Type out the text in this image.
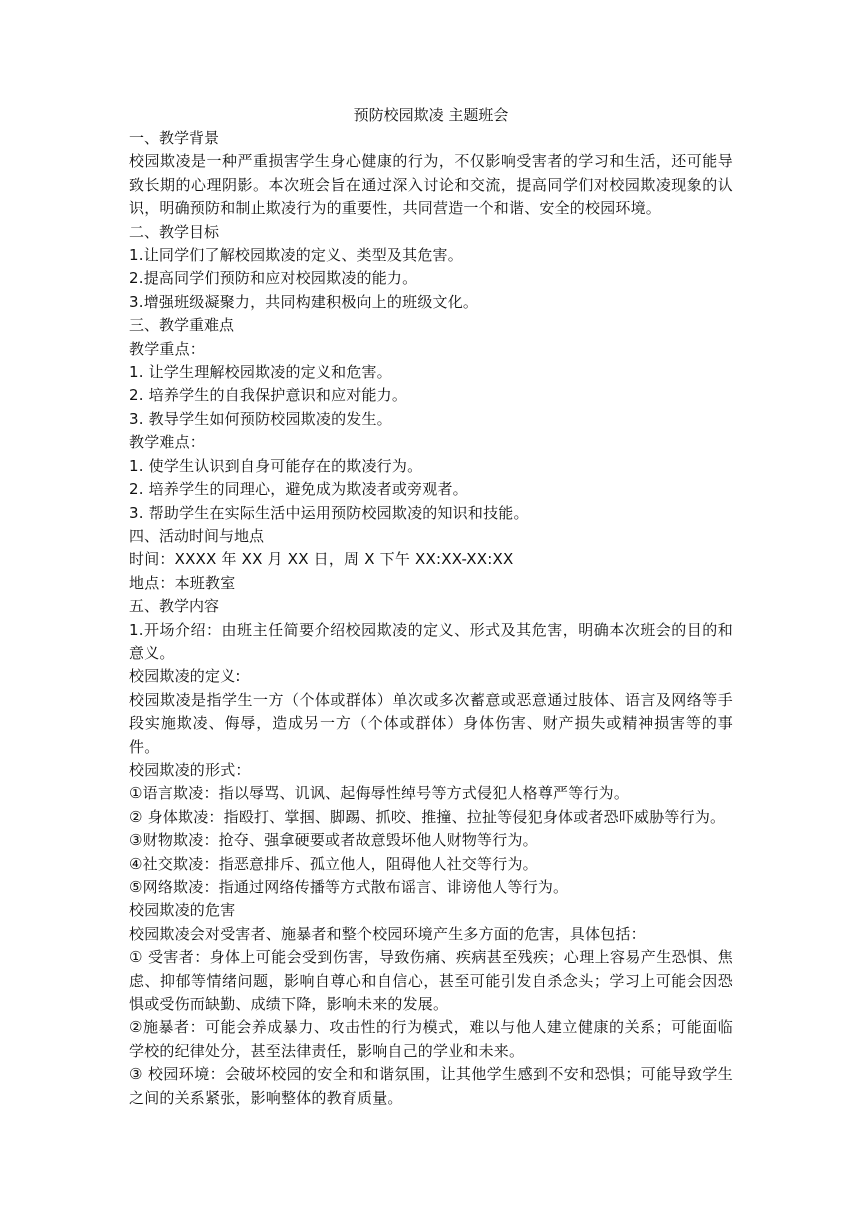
预防校园欺凌 主题班会

一、教学背景

校园欺凌是一种严重损害学生身心健康的行为，不仅影响受害者的学习和生活，还可能导致长期的心理阴影。本次班会旨在通过深入讨论和交流，提高同学们对校园欺凌现象的认识，明确预防和制止欺凌行为的重要性，共同营造一个和谐、安全的校园环境。

二、教学目标

1.让同学们了解校园欺凌的定义、类型及其危害。

2.提高同学们预防和应对校园欺凌的能力。

3.增强班级凝聚力，共同构建积极向上的班级文化。

三、教学重难点

教学重点：

1. 让学生理解校园欺凌的定义和危害。

2. 培养学生的自我保护意识和应对能力。

3. 教导学生如何预防校园欺凌的发生。

教学难点：

1. 使学生认识到自身可能存在的欺凌行为。

2. 培养学生的同理心，避免成为欺凌者或旁观者。

3. 帮助学生在实际生活中运用预防校园欺凌的知识和技能。

四、活动时间与地点

时间：XXXX 年 XX 月 XX 日，周 X 下午 XX:XX-XX:XX

地点：本班教室

五、教学内容

1.开场介绍：由班主任简要介绍校园欺凌的定义、形式及其危害，明确本次班会的目的和意义。

校园欺凌的定义:

校园欺凌是指学生一方（个体或群体）单次或多次蓄意或恶意通过肢体、语言及网络等手段实施欺凌、侮辱，造成另一方（个体或群体）身体伤害、财产损失或精神损害等的事件。

校园欺凌的形式：

①语言欺凌：指以辱骂、讥讽、起侮辱性绰号等方式侵犯人格尊严等行为。

② 身体欺凌：指殴打、掌掴、脚踢、抓咬、推撞、拉扯等侵犯身体或者恐吓威胁等行为。

③财物欺凌：抢夺、强拿硬要或者故意毁坏他人财物等行为。

④社交欺凌：指恶意排斥、孤立他人，阻碍他人社交等行为。

⑤网络欺凌：指通过网络传播等方式散布谣言、诽谤他人等行为。

校园欺凌的危害

校园欺凌会对受害者、施暴者和整个校园环境产生多方面的危害，具体包括：

① 受害者：身体上可能会受到伤害，导致伤痛、疾病甚至残疾；心理上容易产生恐惧、焦虑、抑郁等情绪问题，影响自尊心和自信心，甚至可能引发自杀念头；学习上可能会因恐惧或受伤而缺勤、成绩下降，影响未来的发展。

②施暴者：可能会养成暴力、攻击性的行为模式，难以与他人建立健康的关系；可能面临学校的纪律处分，甚至法律责任，影响自己的学业和未来。

③ 校园环境：会破坏校园的安全和和谐氛围，让其他学生感到不安和恐惧；可能导致学生之间的关系紧张，影响整体的教育质量。
